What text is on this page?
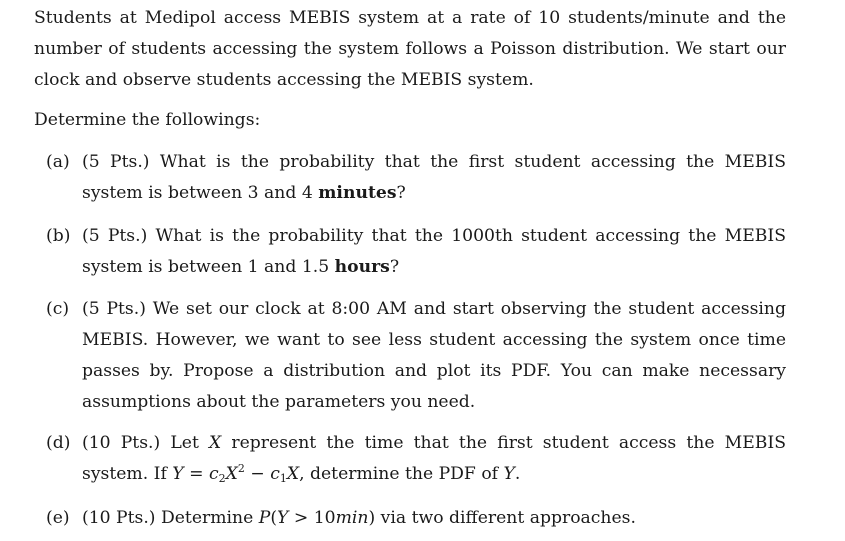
Students at Medipol access MEBIS system at a rate of 10 students/minute and the number of students accessing the system follows a Poisson distribution. We start our clock and observe students accessing the MEBIS system.

Determine the followings:

(a) (5 Pts.) What is the probability that the first student accessing the MEBIS system is between 3 and 4 minutes?
(b) (5 Pts.) What is the probability that the 1000th student accessing the MEBIS system is between 1 and 1.5 hours?
(c) (5 Pts.) We set our clock at 8:00 AM and start observing the student accessing MEBIS. However, we want to see less student accessing the system once time passes by. Propose a distribution and plot its PDF. You can make necessary assumptions about the parameters you need.
(d) (10 Pts.) Let X represent the time that the first student access the MEBIS system. If $Y = c_2X^2 - c_1X$, determine the PDF of Y.
(e) (10 Pts.) Determine P(Y > 10min) via two different approaches.
